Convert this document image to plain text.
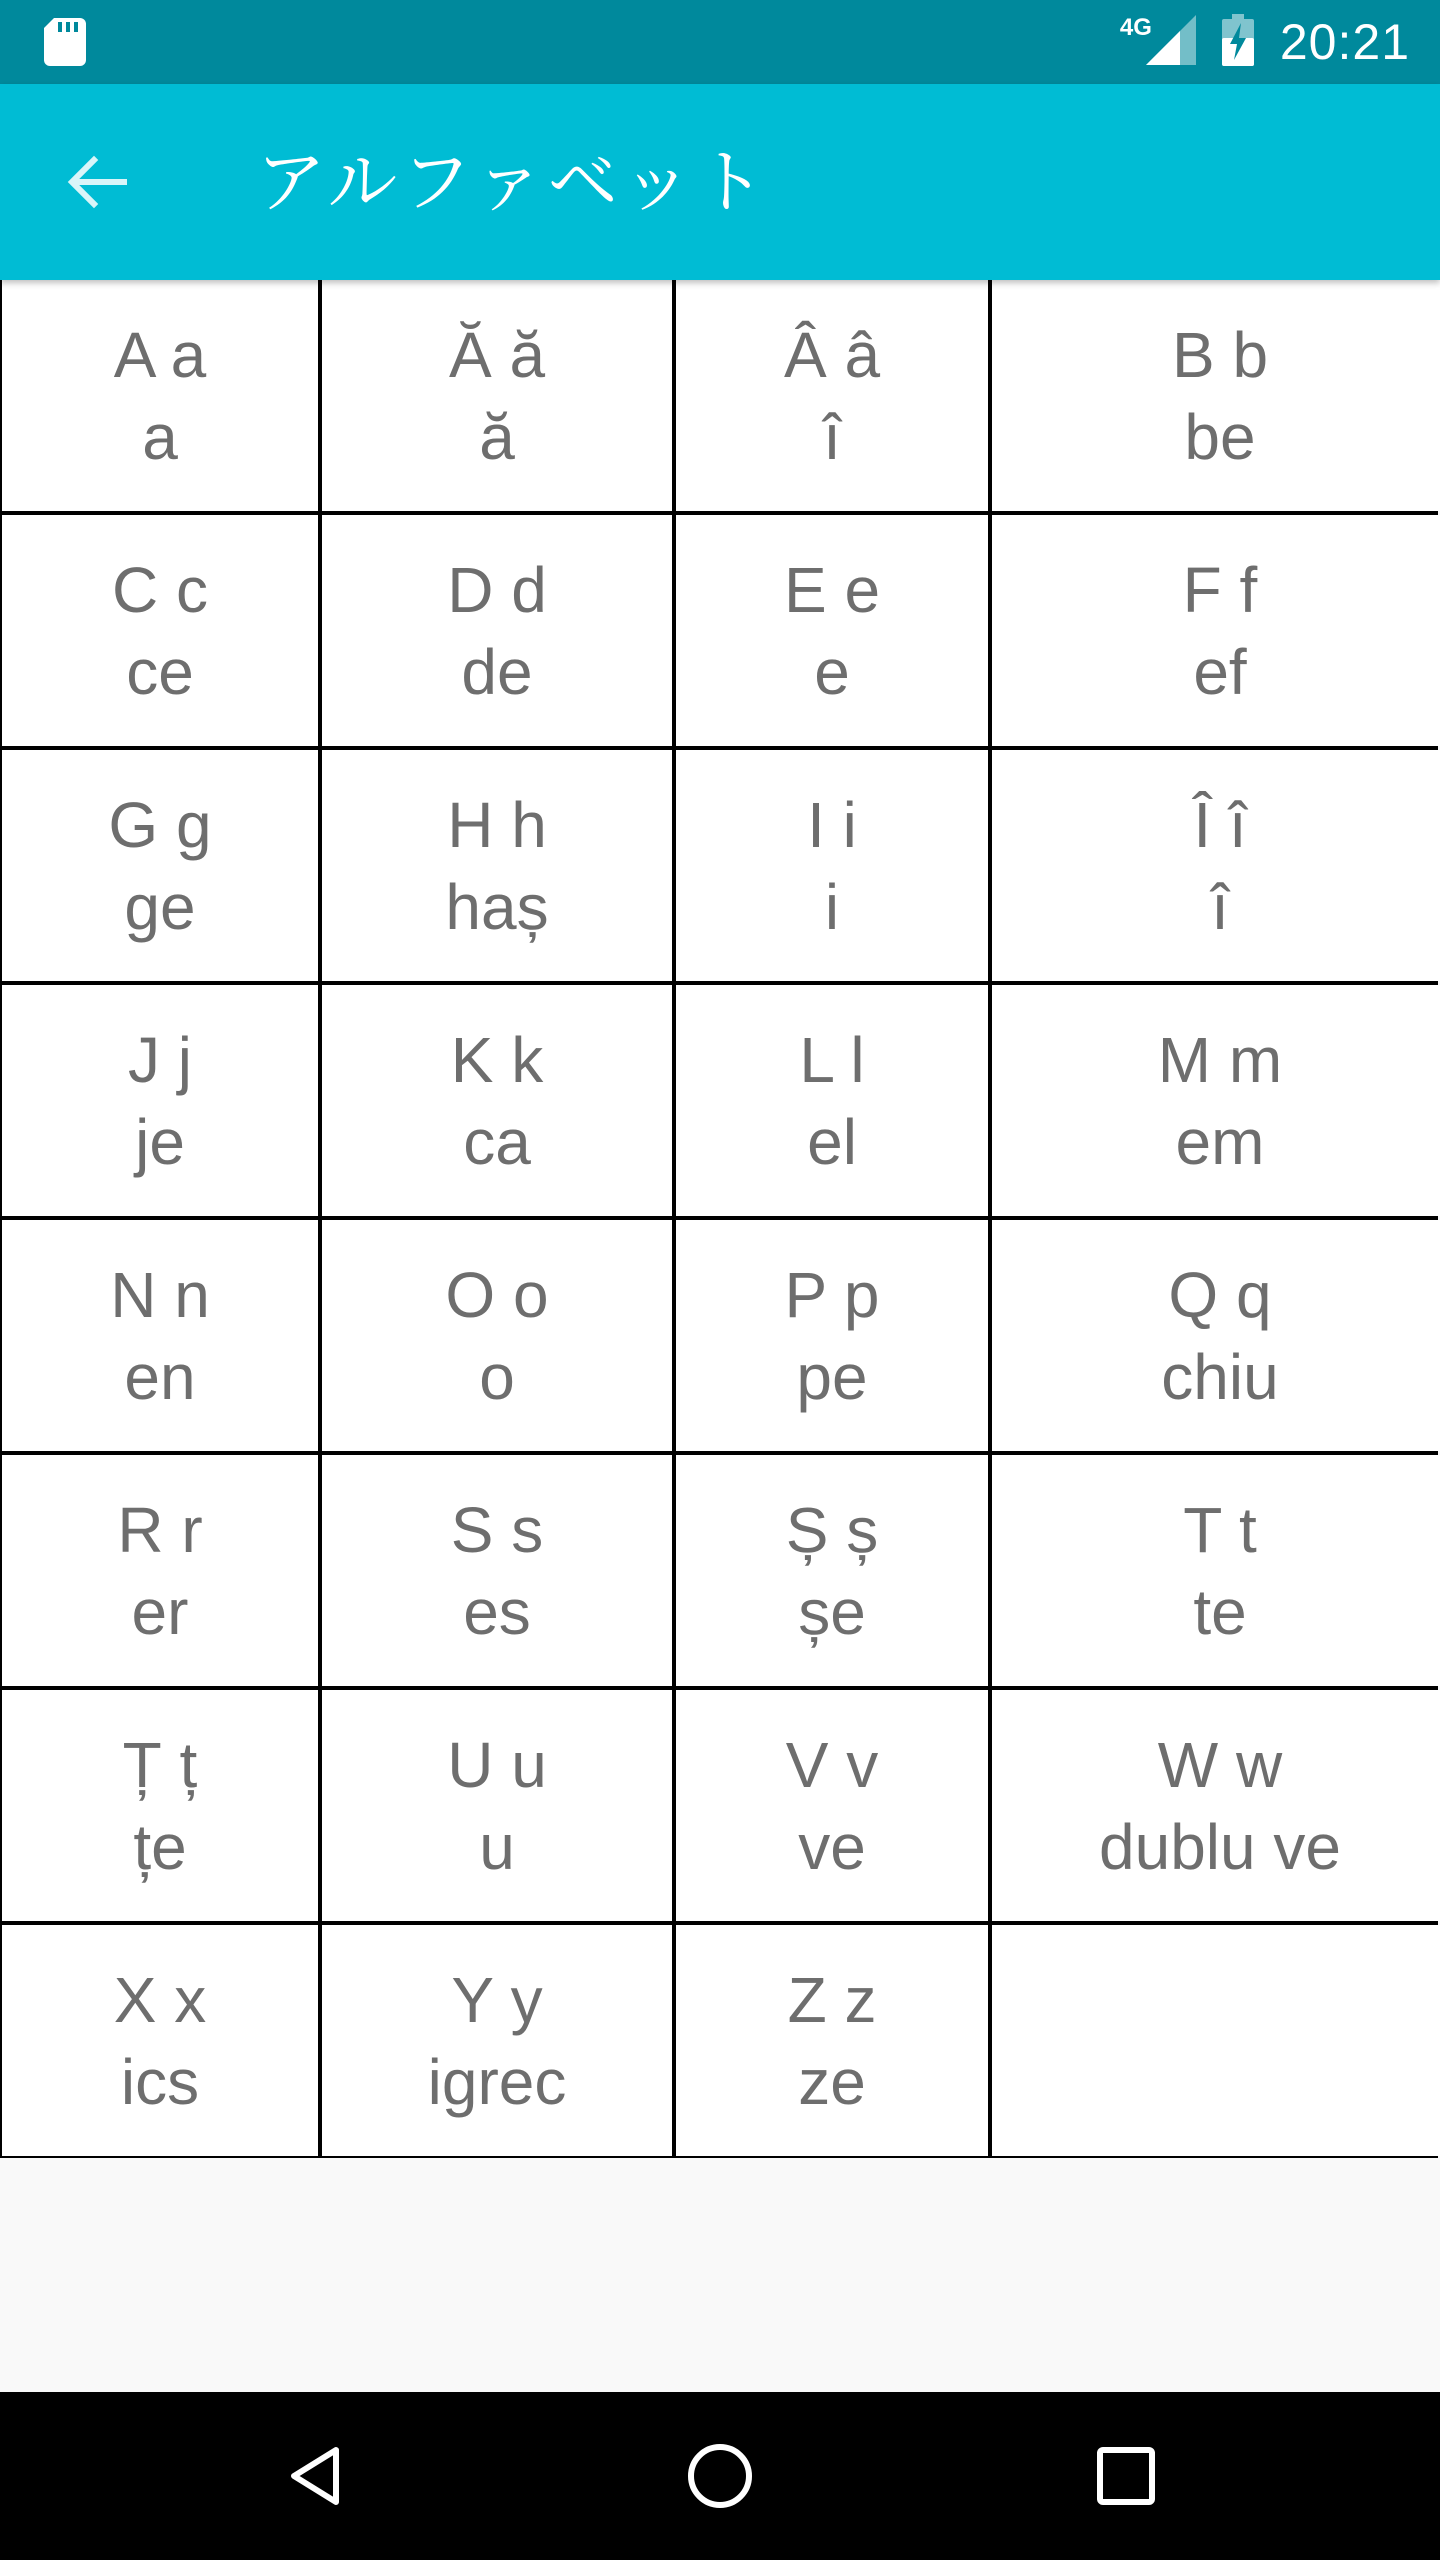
4G	20:21
アルファベット
A a
a
Ă ă
ă
Â â
î
B b
be
C c
ce
D d
de
E e
e
F f
ef
G g
ge
H h
haș
I i
i
Î î
î
J j
je
K k
ca
L l
el
M m
em
N n
en
O o
o
P p
pe
Q q
chiu
R r
er
S s
es
Ș ș
șe
T t
te
Ț ț
țe
U u
u
V v
ve
W w
dublu ve
X x
ics
Y y
igrec
Z z
ze
